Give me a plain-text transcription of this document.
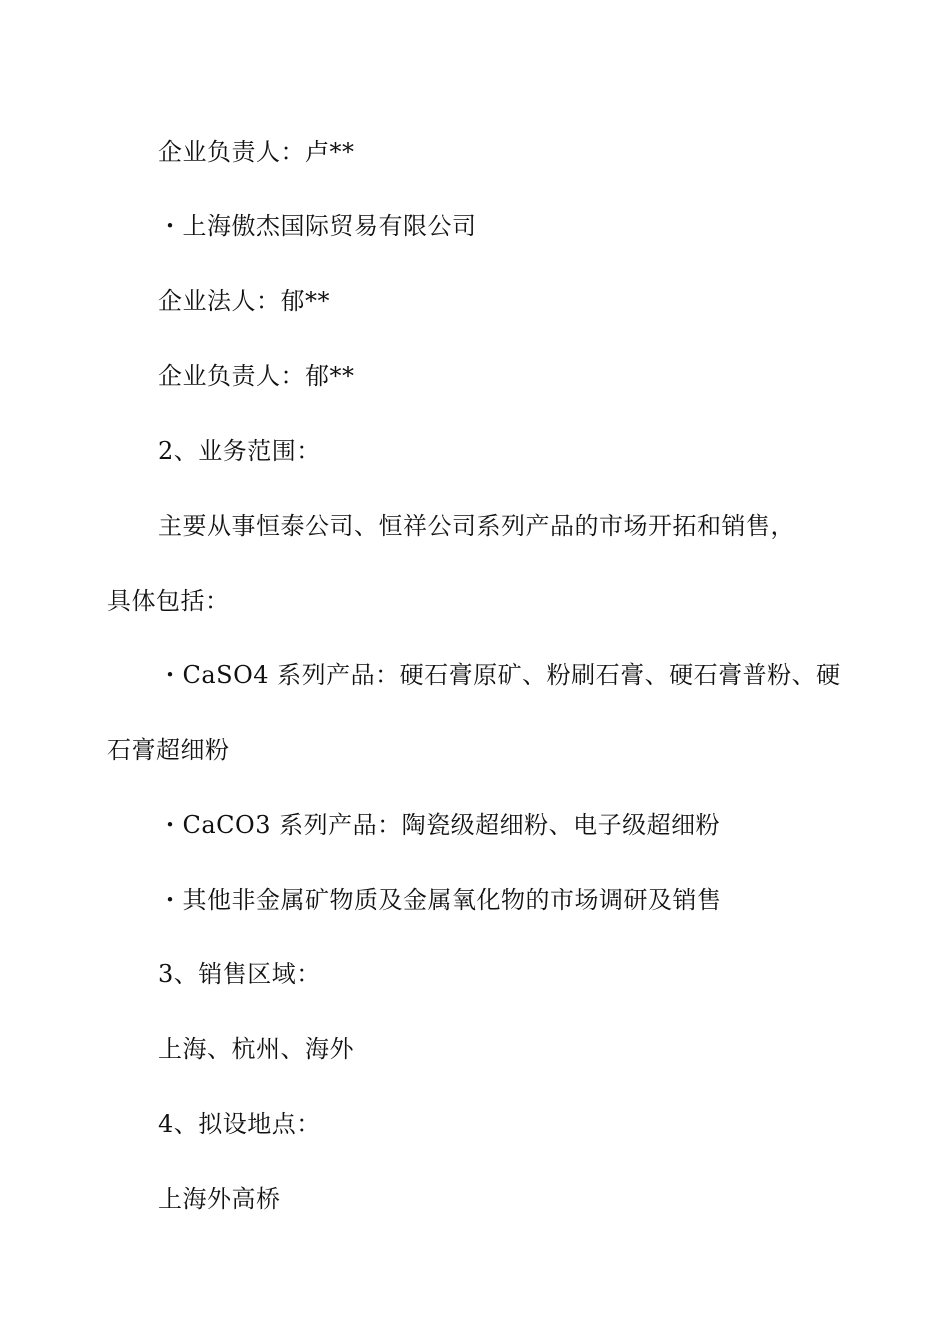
企业负责人：卢**
・上海傲杰国际贸易有限公司
企业法人：郁**
企业负责人：郁**
2、业务范围：
主要从事恒泰公司、恒祥公司系列产品的市场开拓和销售，
具体包括：
・CaSO4 系列产品：硬石膏原矿、粉刷石膏、硬石膏普粉、硬
石膏超细粉
・CaCO3 系列产品：陶瓷级超细粉、电子级超细粉
・其他非金属矿物质及金属氧化物的市场调研及销售
3、销售区域：
上海、杭州、海外
4、拟设地点：
上海外高桥
